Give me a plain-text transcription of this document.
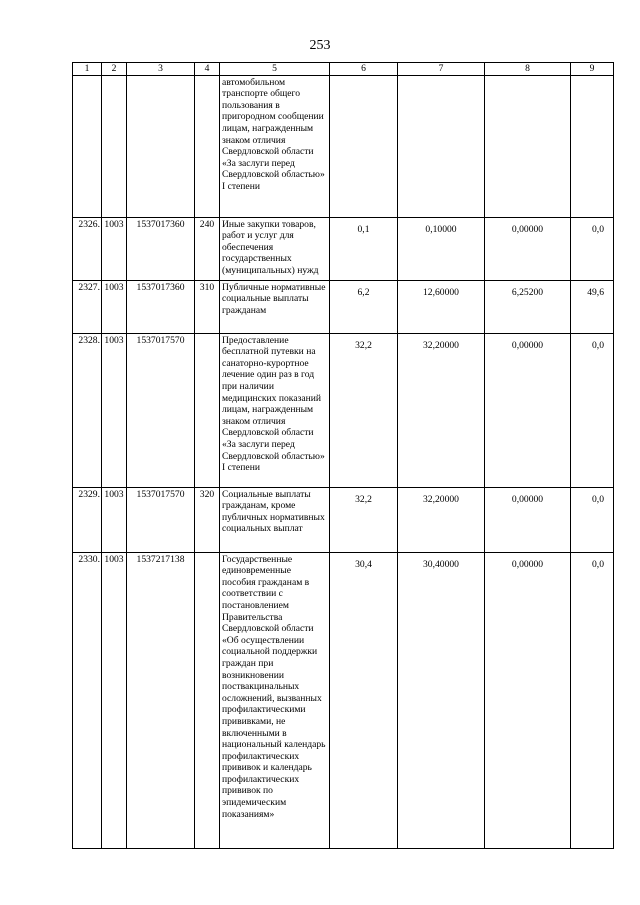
253
1	2	3	4	5	6	7	8	9
				автомобильном транспорте общего пользования в пригородном сообщении лицам, награжденным знаком отличия Свердловской области «За заслуги перед Свердловской областью» I степени				
2326.	1003	1537017360	240	Иные закупки товаров, работ и услуг для обеспечения государственных (муниципальных) нужд	0,1	0,10000	0,00000	0,0
2327.	1003	1537017360	310	Публичные нормативные социальные выплаты гражданам	6,2	12,60000	6,25200	49,6
2328.	1003	1537017570		Предоставление бесплатной путевки на санаторно-курортное лечение один раз в год при наличии медицинских показаний лицам, награжденным знаком отличия Свердловской области «За заслуги перед Свердловской областью» I степени	32,2	32,20000	0,00000	0,0
2329.	1003	1537017570	320	Социальные выплаты гражданам, кроме публичных нормативных социальных выплат	32,2	32,20000	0,00000	0,0
2330.	1003	1537217138		Государственные единовременные пособия гражданам в соответствии с постановлением Правительства Свердловской области «Об осуществлении социальной поддержки граждан при возникновении поствакцинальных осложнений, вызванных профилактическими прививками, не включенными в национальный календарь профилактических прививок и календарь профилактических прививок по эпидемическим показаниям»	30,4	30,40000	0,00000	0,0
